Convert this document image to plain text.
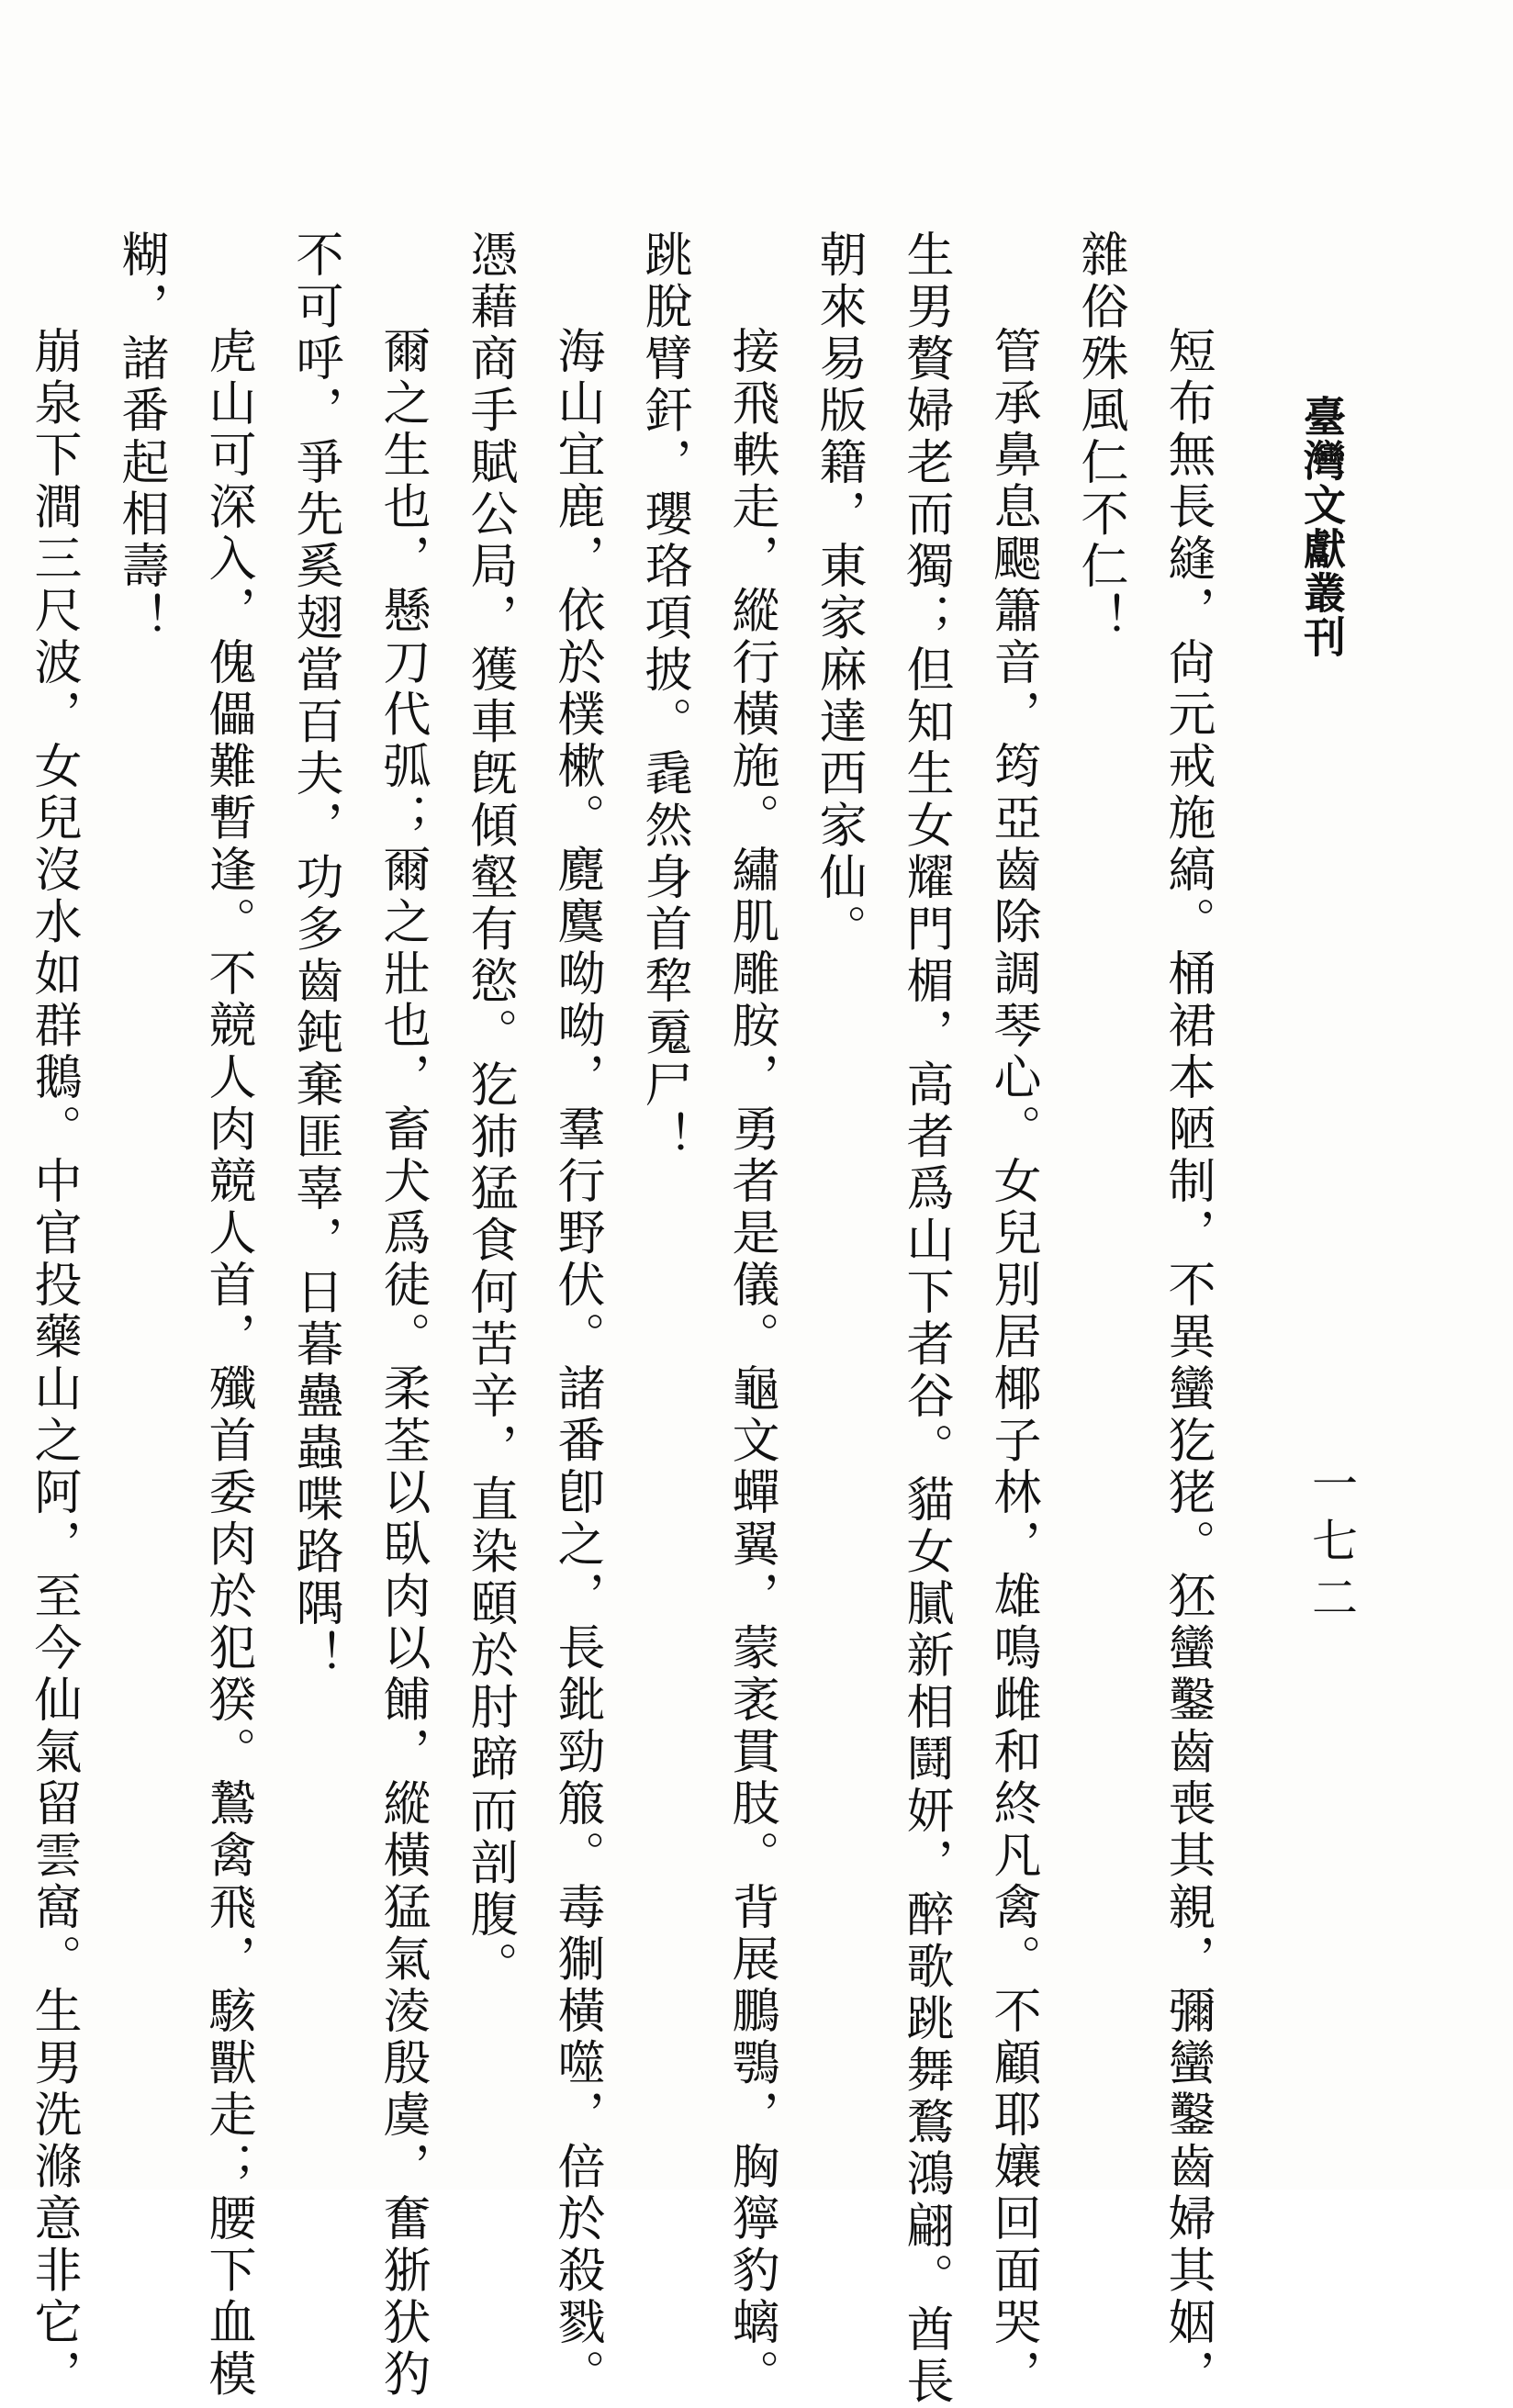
臺灣文獻叢刊
一七二
短布無長縫，尙元戒施縞。桶裙本陋制，不異蠻犵狫。狉蠻鑿齒喪其親，彌蠻鑿齒婦其姻，
雜俗殊風仁不仁！
管承鼻息颸簫音，筠亞齒除調琴心。女兒別居椰子林，雄鳴雌和終凡禽。不顧耶孃回面哭，
生男贅婦老而獨；但知生女耀門楣，高者爲山下者谷。貓女膩新相鬪妍，醉歌跳舞鶩鴻翩。酋長
朝來易版籍，東家麻達西家仙。
接飛軼走，縱行橫施。繡肌雕胺，勇者是儀。龜文蟬翼，蒙袤貫肢。背展鵬鶚，胸獰豹螭。
跳脫臂釬，瓔珞項披。毳然身首犂䰟尸！
海山宜鹿，依於樸樕。麑麌呦呦，羣行野伏。諸番卽之，長鈚勁箙。毒猘橫噬，倍於殺戮。
憑藉商手賦公局，獲車旣傾壑有慾。犵犻猛食何苦辛，直染頤於肘蹄而剖腹。
爾之生也，懸刀代弧；爾之壯也，畜犬爲徒。柔荃以臥肉以餔，縱橫猛氣淩殷虞，奮狾犾犳
不可呼，爭先奚翅當百夫，功多齒鈍棄匪辜，日暮蠱蟲喋路隅！
虎山可深入，傀儡難暫逢。不競人肉競人首，殲首委肉於犯猤。鷙禽飛，駭獸走；腰下血模
糊，諸番起相壽！
崩泉下澗三尺波，女兒沒水如群鵝。中官投藥山之阿，至今仙氣留雲窩。生男洗滌意非它，
